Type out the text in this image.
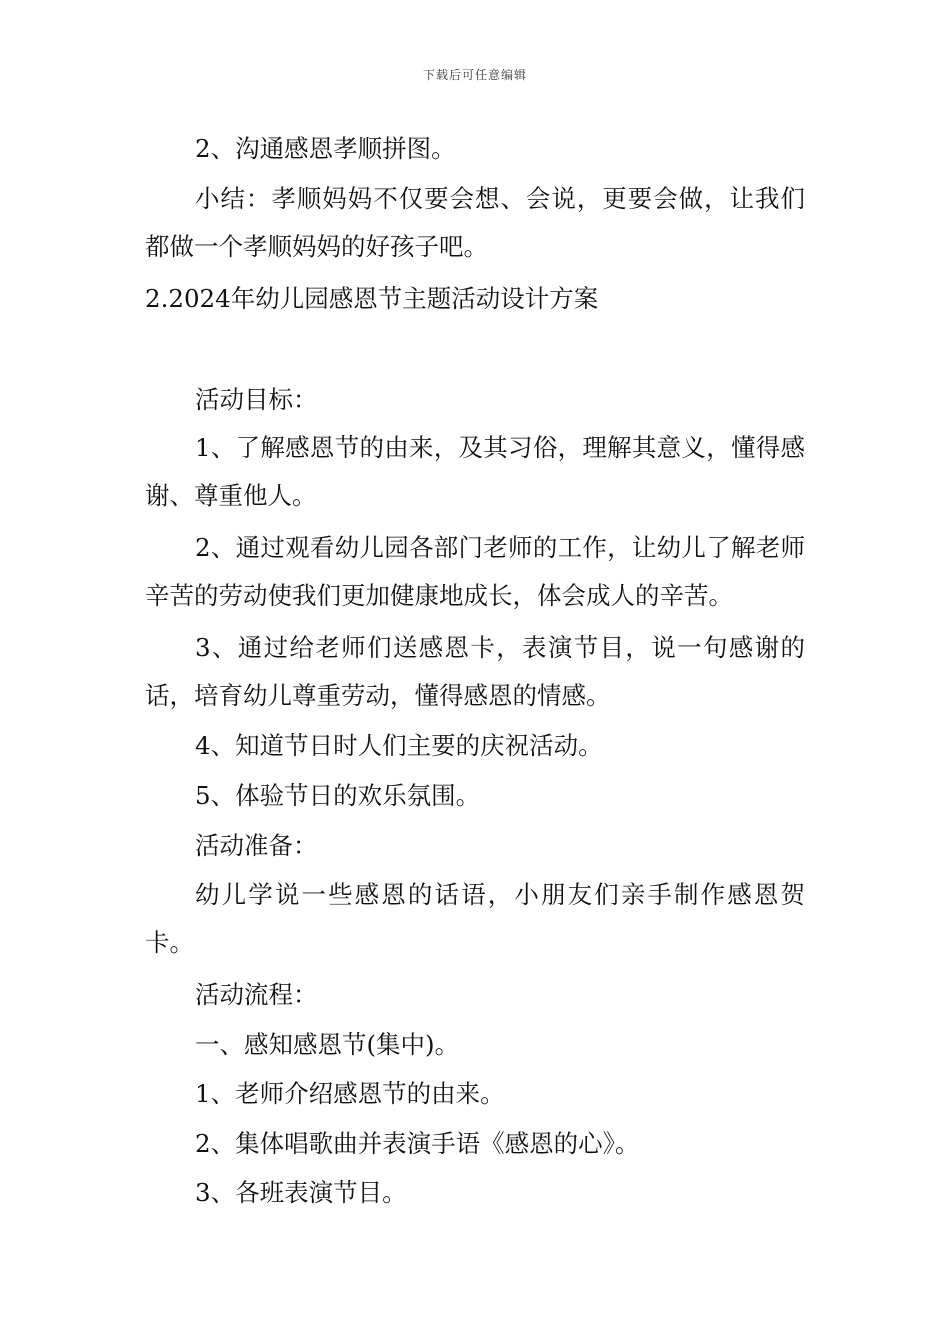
下载后可任意编辑

2、沟通感恩孝顺拼图。

小结：孝顺妈妈不仅要会想、会说，更要会做，让我们都做一个孝顺妈妈的好孩子吧。

2.2024年幼儿园感恩节主题活动设计方案

活动目标：

1、了解感恩节的由来，及其习俗，理解其意义，懂得感谢、尊重他人。

2、通过观看幼儿园各部门老师的工作，让幼儿了解老师辛苦的劳动使我们更加健康地成长，体会成人的辛苦。

3、通过给老师们送感恩卡，表演节目，说一句感谢的话，培育幼儿尊重劳动，懂得感恩的情感。

4、知道节日时人们主要的庆祝活动。

5、体验节日的欢乐氛围。

活动准备：

幼儿学说一些感恩的话语，小朋友们亲手制作感恩贺卡。

活动流程：

一、感知感恩节(集中)。

1、老师介绍感恩节的由来。

2、集体唱歌曲并表演手语《感恩的心》。

3、各班表演节目。
